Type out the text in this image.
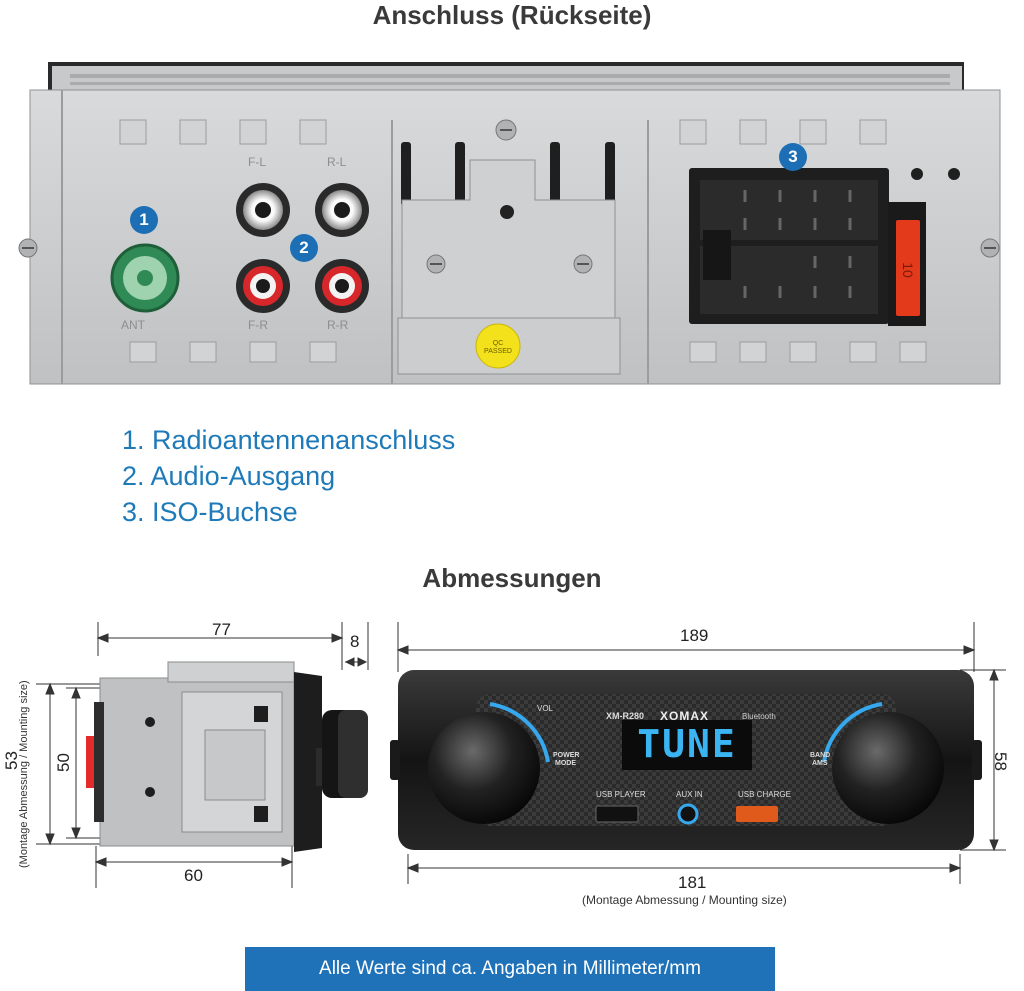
Anschluss (Rückseite)
Abmessungen
1
2
3
F-L	R-L
F-R	R-R
ANT
10
QC PASSED
1. Radioantennenanschluss
2. Audio-Ausgang
3. ISO-Buchse
77
8
60
53
(Montage Abmessung / Mounting size) 50
189
58
181
(Montage Abmessung / Mounting size)
XM-R280 XOMAX	Bluetooth
TUNE
VOL
POWER
MODE
BAND
AMS
USB PLAYER	AUX IN	USB CHARGE
Alle Werte sind ca. Angaben in Millimeter/mm
